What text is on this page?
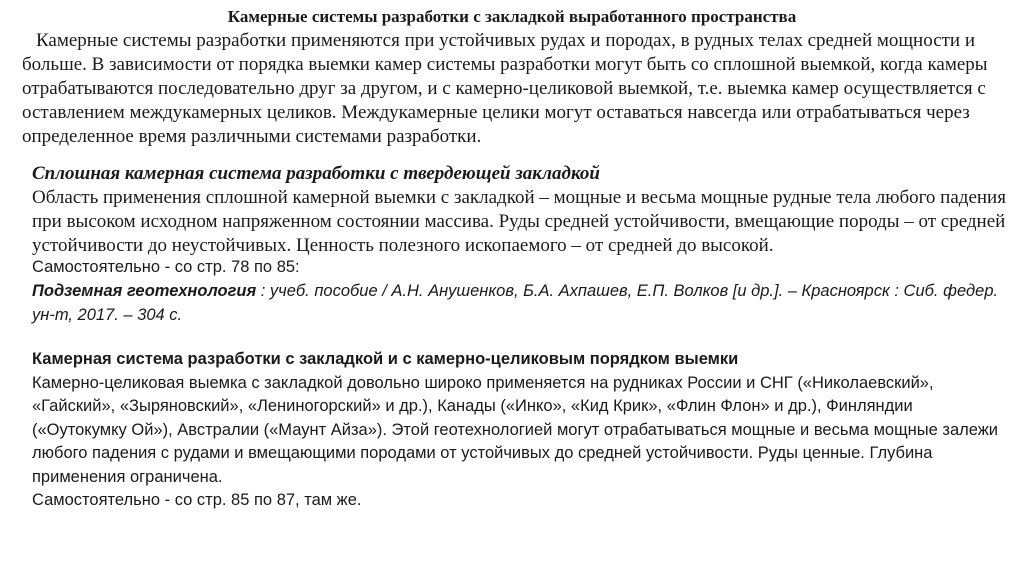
Камерные системы разработки с закладкой выработанного пространства

Камерные системы разработки применяются при устойчивых рудах и породах, в рудных телах средней мощности и больше. В зависимости от порядка выемки камер системы разработки могут быть со сплошной выемкой, когда камеры отрабатываются последовательно друг за другом, и с камерно-целиковой выемкой, т.е. выемка камер осуществляется с оставлением междукамерных целиков. Междукамерные целики могут оставаться навсегда или отрабатываться через определенное время различными системами разработки.

Сплошная камерная система разработки с твердеющей закладкой
Область применения сплошной камерной выемки с закладкой – мощные и весьма мощные рудные тела любого падения при высоком исходном напряженном состоянии массива. Руды средней устойчивости, вмещающие породы – от средней устойчивости до неустойчивых. Ценность полезного ископаемого – от средней до высокой.
Самостоятельно - со стр. 78 по 85:
Подземная геотехнология : учеб. пособие / А.Н. Анушенков, Б.А. Ахпашев, Е.П. Волков [и др.]. – Красноярск : Сиб. федер. ун-т, 2017. – 304 с.
Камерная система разработки с закладкой и с камерно-целиковым порядком выемки
Камерно-целиковая выемка с закладкой довольно широко применяется на рудниках России и СНГ («Николаевский», «Гайский», «Зыряновский», «Лениногорский» и др.), Канады («Инко», «Кид Крик», «Флин Флон» и др.), Финляндии («Оутокумку Ой»), Австралии («Маунт Айза»). Этой геотехнологией могут отрабатываться мощные и весьма мощные залежи любого падения с рудами и вмещающими породами от устойчивых до средней устойчивости. Руды ценные. Глубина применения ограничена.
Самостоятельно - со стр. 85 по 87, там же.
